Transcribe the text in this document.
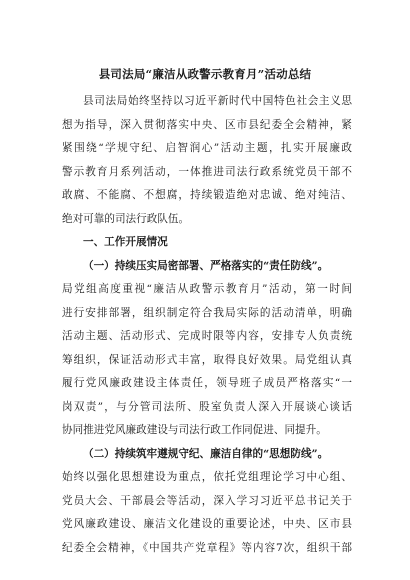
县司法局“廉洁从政警示教育月”活动总结
县司法局始终坚持以习近平新时代中国特色社会主义思
想为指导，深入贯彻落实中央、区市县纪委全会精神，紧
紧围绕“学规守纪、启智润心”活动主题，扎实开展廉政
警示教育月系列活动，一体推进司法行政系统党员干部不
敢腐、不能腐、不想腐，持续锻造绝对忠诚、绝对纯洁、
绝对可靠的司法行政队伍。
一、工作开展情况
（一）持续压实局密部署、严格落实的“责任防线”。
局党组高度重视“廉洁从政警示教育月”活动，第一时间
进行安排部署，组织制定符合我局实际的活动清单，明确
活动主题、活动形式、完成时限等内容，安排专人负责统
筹组织，保证活动形式丰富，取得良好效果。局党组认真
履行党风廉政建设主体责任，领导班子成员严格落实“一
岗双责”，与分管司法所、股室负责人深入开展谈心谈话
协同推进党风廉政建设与司法行政工作同促进、同提升。
（二）持续筑牢遵规守纪、廉洁自律的“思想防线”。
始终以强化思想建设为重点，依托党组理论学习中心组、
党员大会、干部晨会等活动，深入学习习近平总书记关于
党风廉政建设、廉洁文化建设的重要论述，中央、区市县
纪委全会精神，《中国共产党章程》等内容7次，组织干部
